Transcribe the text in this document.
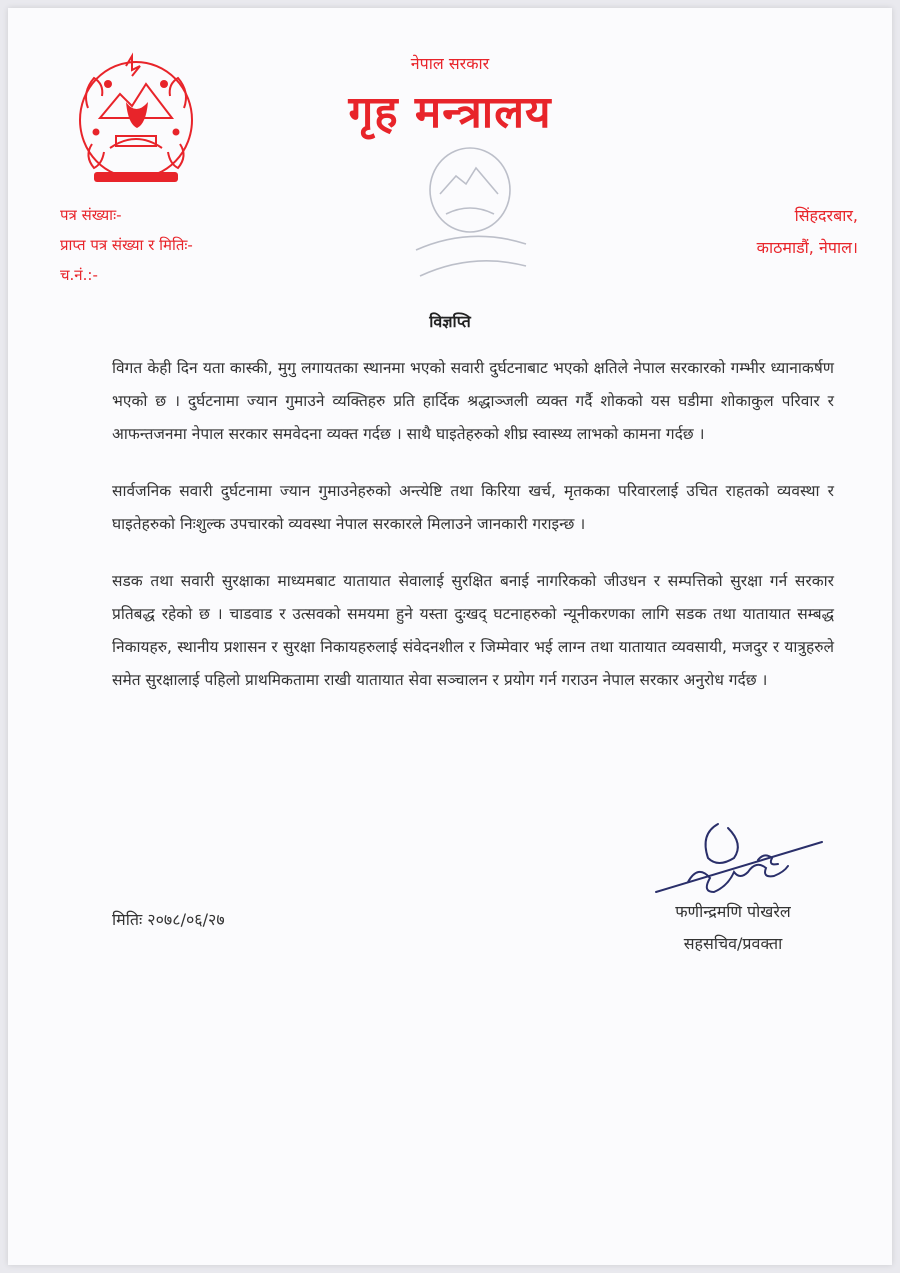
नेपाल सरकार
गृह मन्त्रालय
पत्र संख्याः-
प्राप्त पत्र संख्या र मितिः-
च.नं.:-
सिंहदरबार,
काठमाडौं, नेपाल।
विज्ञप्ति

विगत केही दिन यता कास्की, मुगु लगायतका स्थानमा भएको सवारी दुर्घटनाबाट भएको क्षतिले नेपाल सरकारको गम्भीर ध्यानाकर्षण भएको छ । दुर्घटनामा ज्यान गुमाउने व्यक्तिहरु प्रति हार्दिक श्रद्धाञ्जली व्यक्त गर्दै शोकको यस घडीमा शोकाकुल परिवार र आफन्तजनमा नेपाल सरकार समवेदना व्यक्त गर्दछ । साथै घाइतेहरुको शीघ्र स्वास्थ्य लाभको कामना गर्दछ ।

सार्वजनिक सवारी दुर्घटनामा ज्यान गुमाउनेहरुको अन्त्येष्टि तथा किरिया खर्च, मृतकका परिवारलाई उचित राहतको व्यवस्था र घाइतेहरुको निःशुल्क उपचारको व्यवस्था नेपाल सरकारले मिलाउने जानकारी गराइन्छ ।

सडक तथा सवारी सुरक्षाका माध्यमबाट यातायात सेवालाई सुरक्षित बनाई नागरिकको जीउधन र सम्पत्तिको सुरक्षा गर्न सरकार प्रतिबद्ध रहेको छ । चाडवाड र उत्सवको समयमा हुने यस्ता दुःखद् घटनाहरुको न्यूनीकरणका लागि सडक तथा यातायात सम्बद्ध निकायहरु, स्थानीय प्रशासन र सुरक्षा निकायहरुलाई संवेदनशील र जिम्मेवार भई लाग्न तथा यातायात व्यवसायी, मजदुर र यात्रुहरुले समेत सुरक्षालाई पहिलो प्राथमिकतामा राखी यातायात सेवा सञ्चालन र प्रयोग गर्न गराउन नेपाल सरकार अनुरोध गर्दछ ।

फणीन्द्रमणि पोखरेल
सहसचिव/प्रवक्ता
मितिः २०७८/०६/२७
